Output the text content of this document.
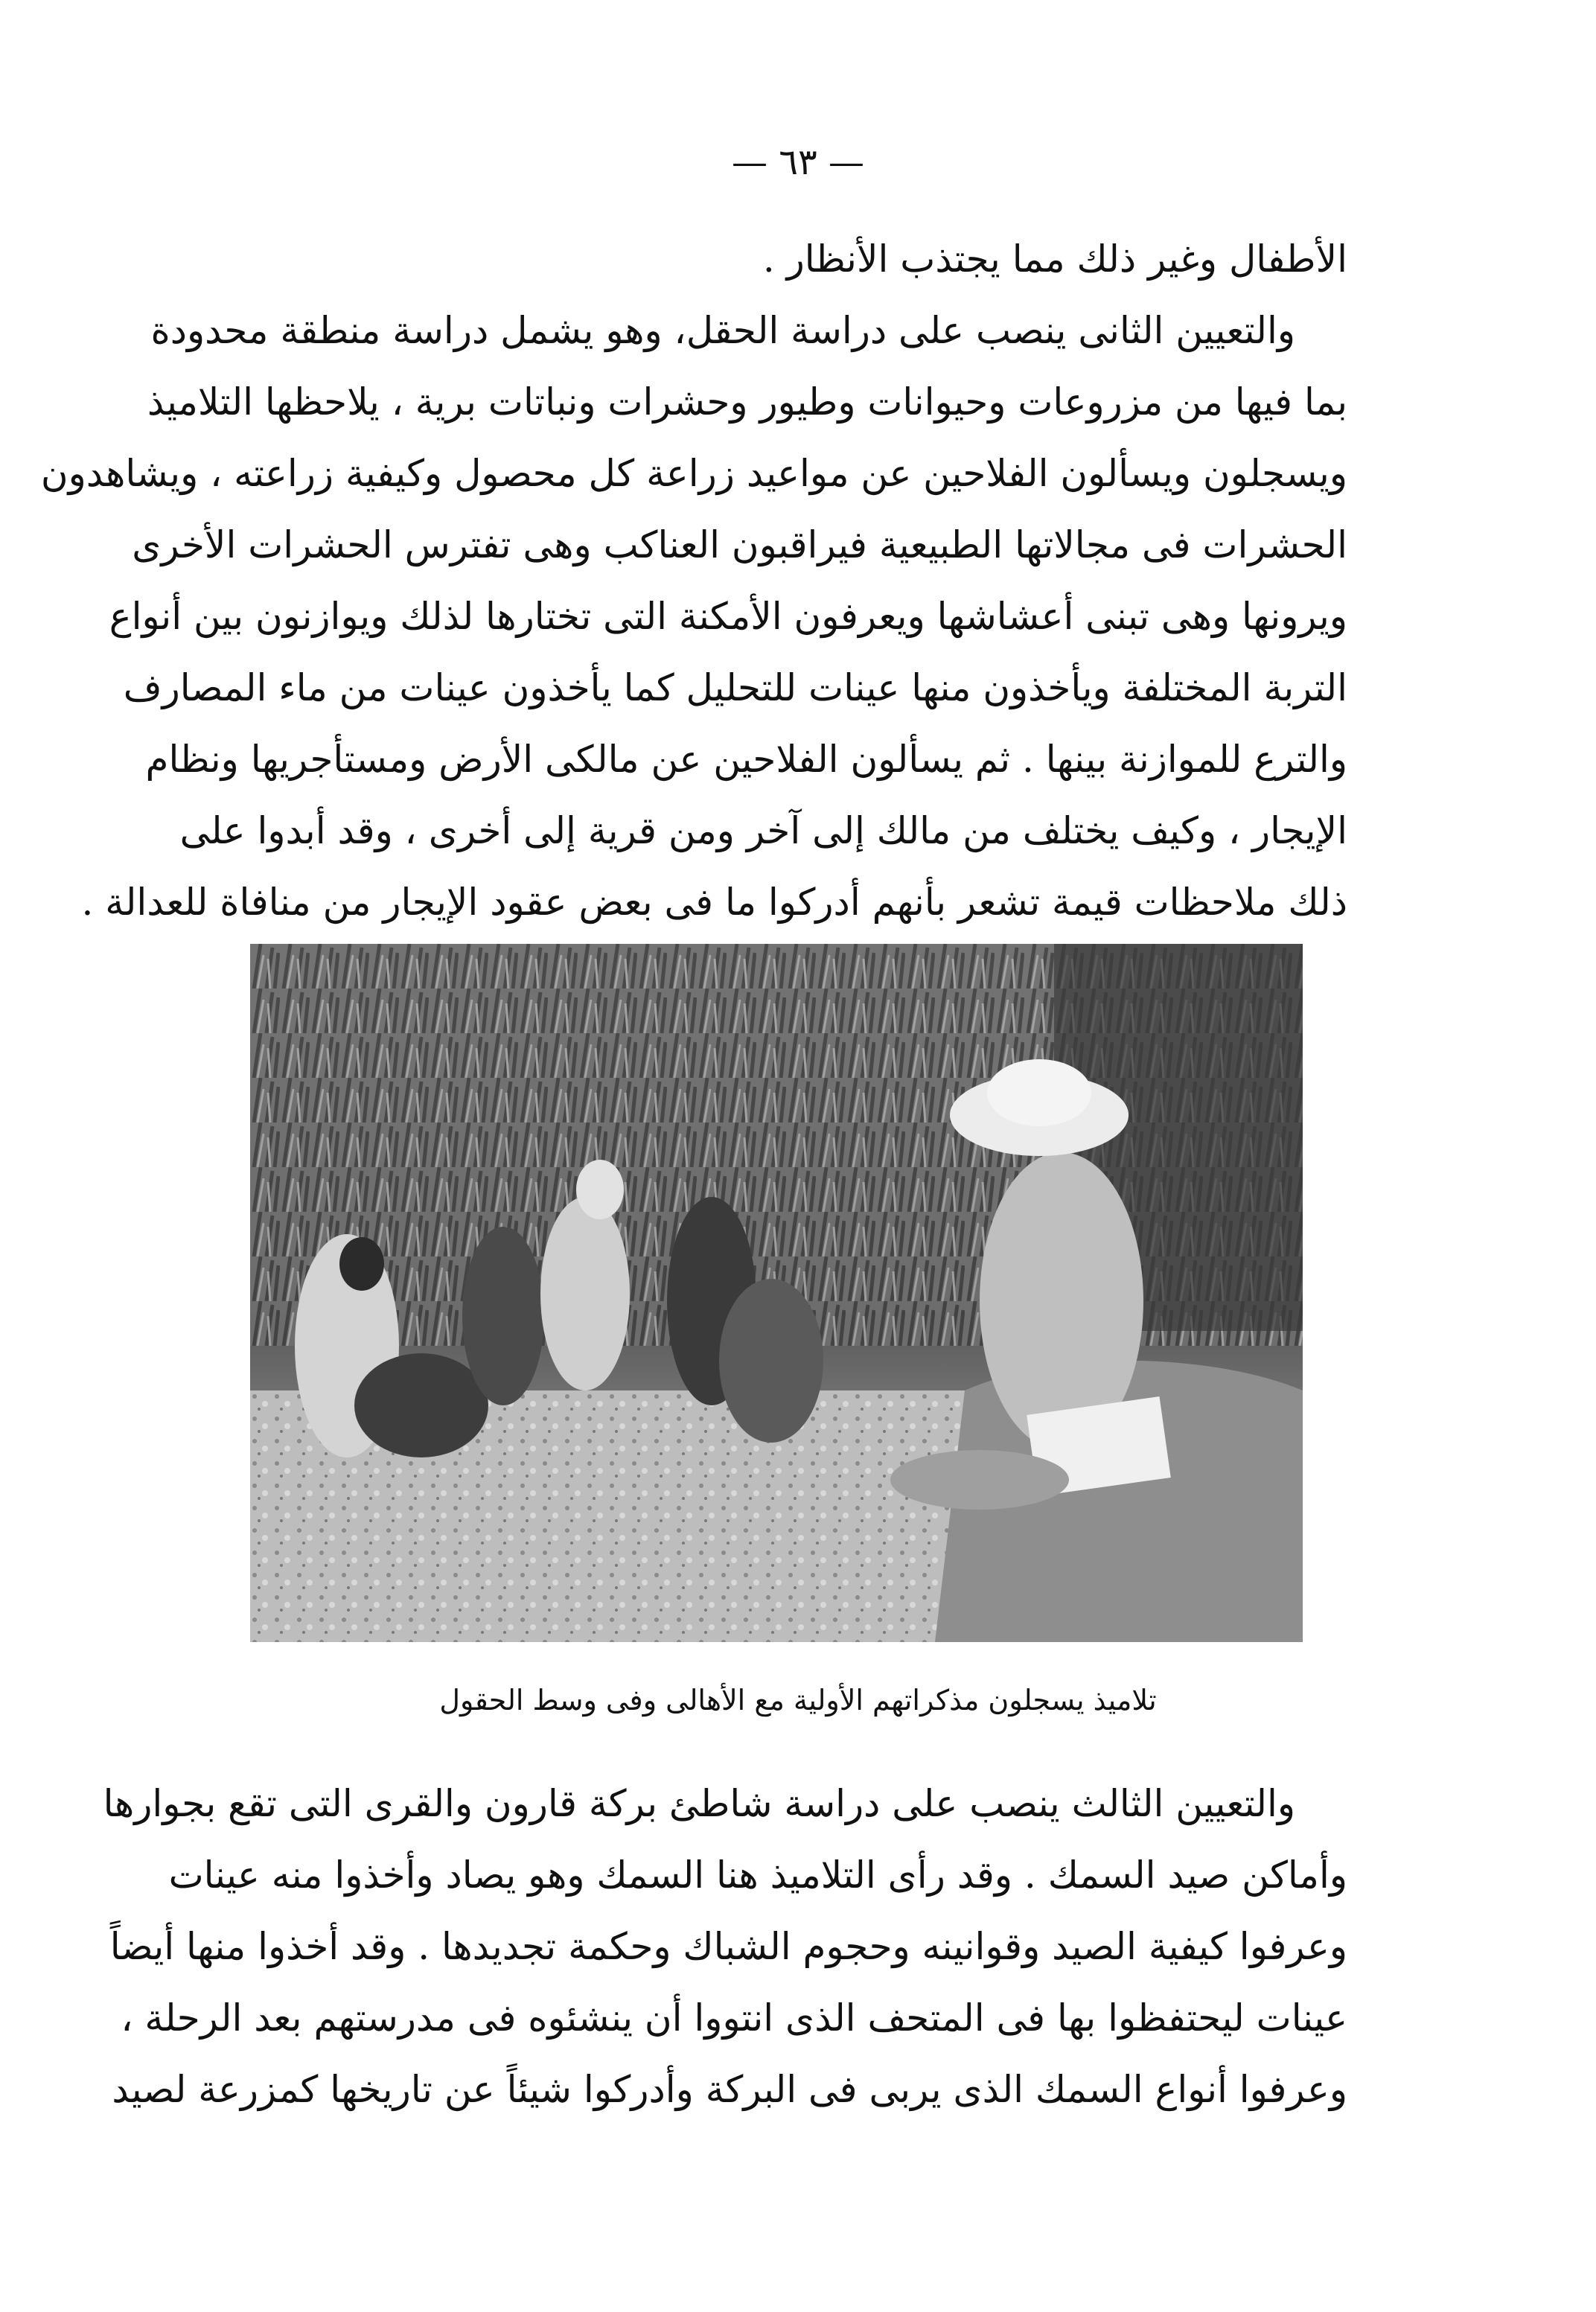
— ٦٣ —
الأطفال وغير ذلك مما يجتذب الأنظار .
والتعيين الثانى ينصب على دراسة الحقل، وهو يشمل دراسة منطقة محدودة
بما فيها من مزروعات وحيوانات وطيور وحشرات ونباتات برية ، يلاحظها التلاميذ
ويسجلون ويسألون الفلاحين عن مواعيد زراعة كل محصول وكيفية زراعته ، ويشاهدون
الحشرات فى مجالاتها الطبيعية فيراقبون العناكب وهى تفترس الحشرات الأخرى
ويرونها وهى تبنى أعشاشها ويعرفون الأمكنة التى تختارها لذلك ويوازنون بين أنواع
التربة المختلفة ويأخذون منها عينات للتحليل كما يأخذون عينات من ماء المصارف
والترع للموازنة بينها . ثم يسألون الفلاحين عن مالكى الأرض ومستأجريها ونظام
الإيجار ، وكيف يختلف من مالك إلى آخر ومن قرية إلى أخرى ، وقد أبدوا على
ذلك ملاحظات قيمة تشعر بأنهم أدركوا ما فى بعض عقود الإيجار من منافاة للعدالة .
تلاميذ يسجلون مذكراتهم الأولية مع الأهالى وفى وسط الحقول
والتعيين الثالث ينصب على دراسة شاطئ بركة قارون والقرى التى تقع بجوارها
وأماكن صيد السمك . وقد رأى التلاميذ هنا السمك وهو يصاد وأخذوا منه عينات
وعرفوا كيفية الصيد وقوانينه وحجوم الشباك وحكمة تجديدها . وقد أخذوا منها أيضاً
عينات ليحتفظوا بها فى المتحف الذى انتووا أن ينشئوه فى مدرستهم بعد الرحلة ،
وعرفوا أنواع السمك الذى يربى فى البركة وأدركوا شيئاً عن تاريخها كمزرعة لصيد
